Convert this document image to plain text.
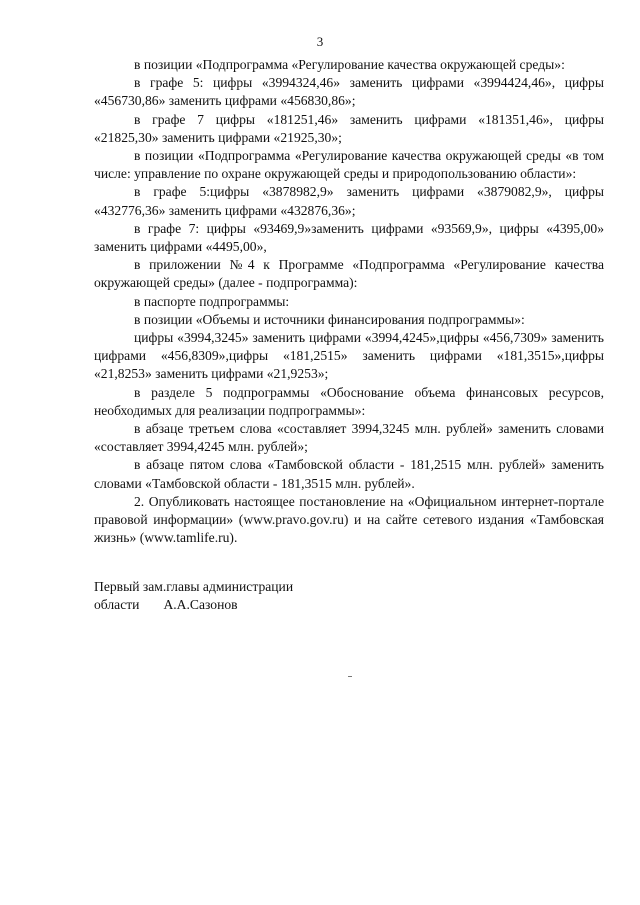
3

в позиции «Подпрограмма «Регулирование качества окружающей среды»:

в графе 5: цифры «3994324,46» заменить цифрами «3994424,46», цифры «456730,86» заменить цифрами «456830,86»;

в графе 7 цифры «181251,46» заменить цифрами «181351,46», цифры «21825,30» заменить цифрами «21925,30»;

в позиции «Подпрограмма «Регулирование качества окружающей среды «в том числе: управление по охране окружающей среды и природопользованию области»:

в графе 5:цифры «3878982,9» заменить цифрами «3879082,9», цифры «432776,36» заменить цифрами «432876,36»;

в графе 7: цифры «93469,9»заменить цифрами «93569,9», цифры «4395,00» заменить цифрами «4495,00»,

в приложении №4 к Программе «Подпрограмма «Регулирование качества окружающей среды» (далее - подпрограмма):

в паспорте подпрограммы:

в позиции «Объемы и источники финансирования подпрограммы»:

цифры «3994,3245» заменить цифрами «3994,4245»,цифры «456,7309» заменить цифрами «456,8309»,цифры «181,2515» заменить цифрами «181,3515»,цифры «21,8253» заменить цифрами «21,9253»;

в разделе 5 подпрограммы «Обоснование объема финансовых ресурсов, необходимых для реализации подпрограммы»:

в абзаце третьем слова «составляет 3994,3245 млн. рублей» заменить словами «составляет 3994,4245 млн. рублей»;

в абзаце пятом слова «Тамбовской области - 181,2515 млн. рублей» заменить словами «Тамбовской области - 181,3515 млн. рублей».

2. Опубликовать настоящее постановление на «Официальном интернет-портале правовой информации» (www.pravo.gov.ru) и на сайте сетевого издания «Тамбовская жизнь» (www.tamlife.ru).

Первый зам.главы администрации
области А.А.Сазонов
